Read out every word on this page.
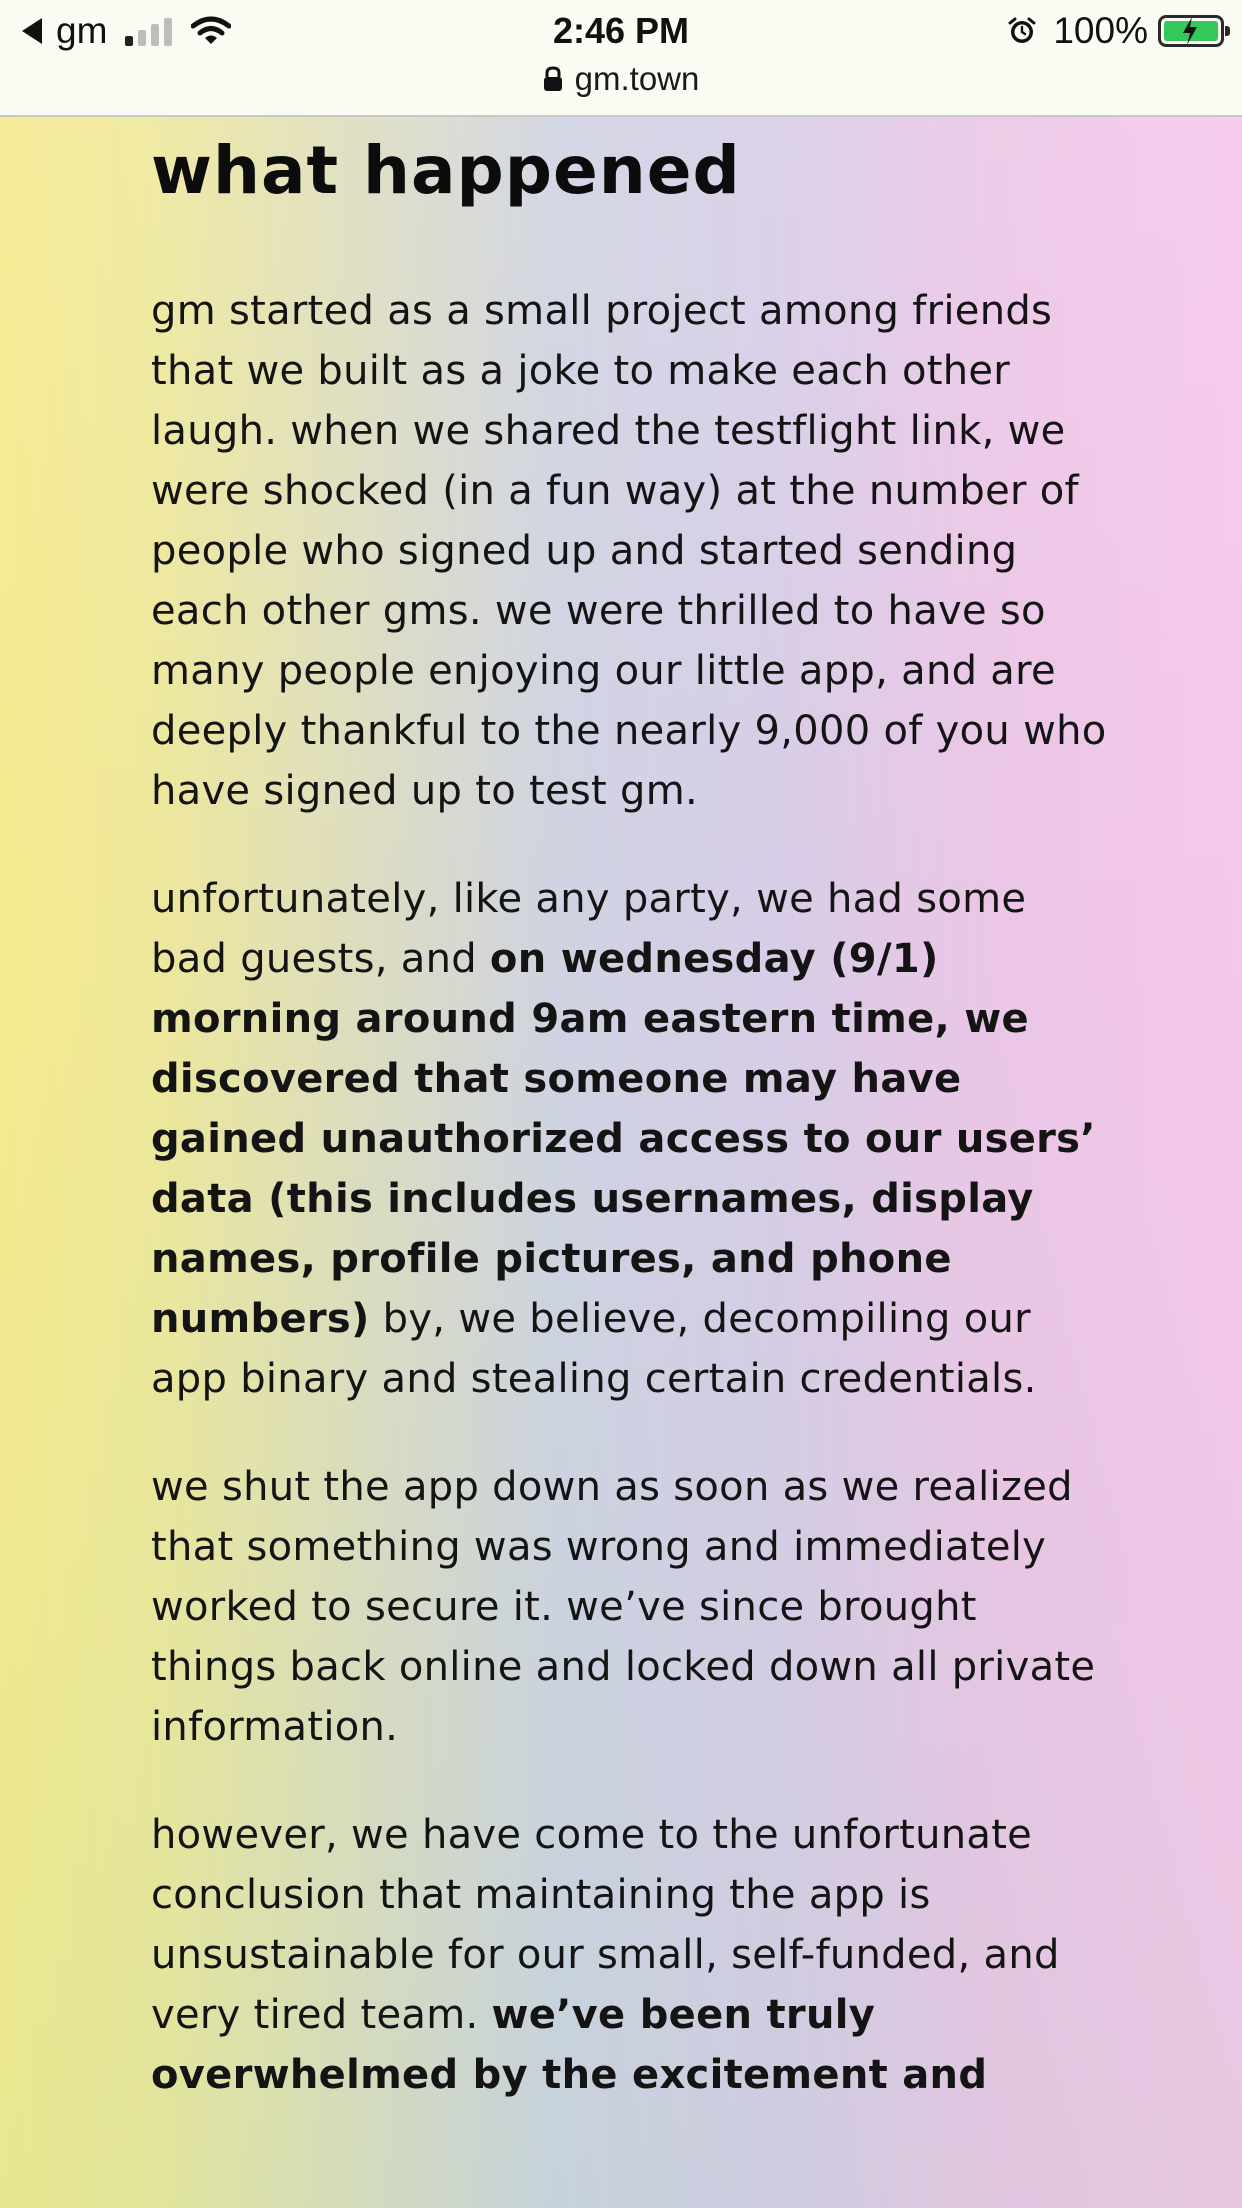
gm	2:46 PM	100%
gm.town
what happened

gm started as a small project among friends that we built as a joke to make each other laugh. when we shared the testflight link, we were shocked (in a fun way) at the number of people who signed up and started sending each other gms. we were thrilled to have so many people enjoying our little app, and are deeply thankful to the nearly 9,000 of you who have signed up to test gm.

unfortunately, like any party, we had some bad guests, and on wednesday (9/1) morning around 9am eastern time, we discovered that someone may have gained unauthorized access to our users’ data (this includes usernames, display names, profile pictures, and phone numbers) by, we believe, decompiling our app binary and stealing certain credentials.

we shut the app down as soon as we realized that something was wrong and immediately worked to secure it. we’ve since brought things back online and locked down all private information.

however, we have come to the unfortunate conclusion that maintaining the app is unsustainable for our small, self-funded, and very tired team. we’ve been truly overwhelmed by the excitement and
